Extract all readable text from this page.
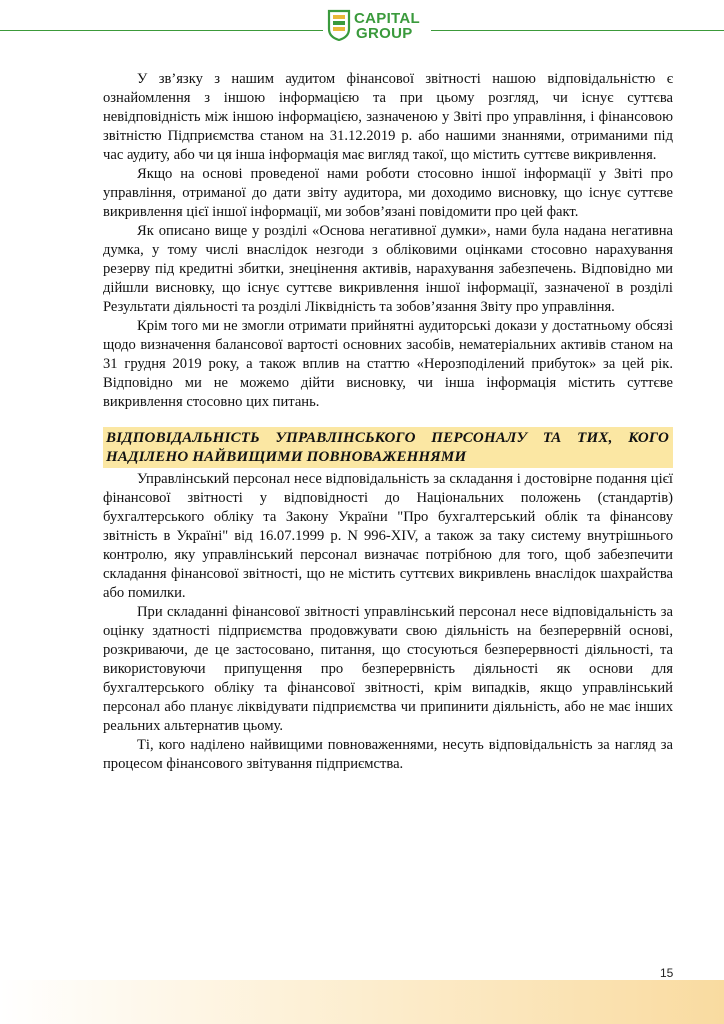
CAPITAL
GROUP

У зв’язку з нашим аудитом фінансової звітності нашою відповідальністю є ознайомлення з іншою інформацією та при цьому розгляд, чи існує суттєва невідповідність між іншою інформацією, зазначеною у Звіті про управління, і фінансовою звітністю Підприємства станом на 31.12.2019 р. або нашими знаннями, отриманими під час аудиту, або чи ця інша інформація має вигляд такої, що містить суттєве викривлення.

Якщо на основі проведеної нами роботи стосовно іншої інформації у Звіті про управління, отриманої до дати звіту аудитора, ми доходимо висновку, що існує суттєве викривлення цієї іншої інформації, ми зобов’язані повідомити про цей факт.

Як описано вище у розділі «Основа негативної думки», нами була надана негативна думка, у тому числі внаслідок незгоди з обліковими оцінками стосовно нарахування резерву під кредитні збитки, знецінення активів, нарахування забезпечень. Відповідно ми дійшли висновку, що існує суттєве викривлення іншої інформації, зазначеної в розділі Результати діяльності та розділі Ліквідність та зобов’язання Звіту про управління.

Крім того ми не змогли отримати прийнятні аудиторські докази у достатньому обсязі щодо визначення балансової вартості основних засобів, нематеріальних активів станом на 31 грудня 2019 року, а також вплив на статтю «Нерозподілений прибуток» за цей рік. Відповідно ми не можемо дійти висновку, чи інша інформація містить суттєве викривлення стосовно цих питань.

ВІДПОВІДАЛЬНІСТЬ УПРАВЛІНСЬКОГО ПЕРСОНАЛУ ТА ТИХ, КОГО
НАДІЛЕНО НАЙВИЩИМИ ПОВНОВАЖЕННЯМИ

Управлінський персонал несе відповідальність за складання і достовірне подання цієї фінансової звітності у відповідності до Національних положень (стандартів) бухгалтерського обліку та Закону України "Про бухгалтерський облік та фінансову звітність в Україні" від 16.07.1999 р. N 996-XIV, а також за таку систему внутрішнього контролю, яку управлінський персонал визначає потрібною для того, щоб забезпечити складання фінансової звітності, що не містить суттєвих викривлень внаслідок шахрайства або помилки.

При складанні фінансової звітності управлінський персонал несе відповідальність за оцінку здатності підприємства продовжувати свою діяльність на безперервній основі, розкриваючи, де це застосовано, питання, що стосуються безперервності діяльності, та використовуючи припущення про безперервність діяльності як основи для бухгалтерського обліку та фінансової звітності, крім випадків, якщо управлінський персонал або планує ліквідувати підприємства чи припинити діяльність, або не має інших реальних альтернатив цьому.

Ті, кого наділено найвищими повноваженнями, несуть відповідальність за нагляд за процесом фінансового звітування підприємства.

15
